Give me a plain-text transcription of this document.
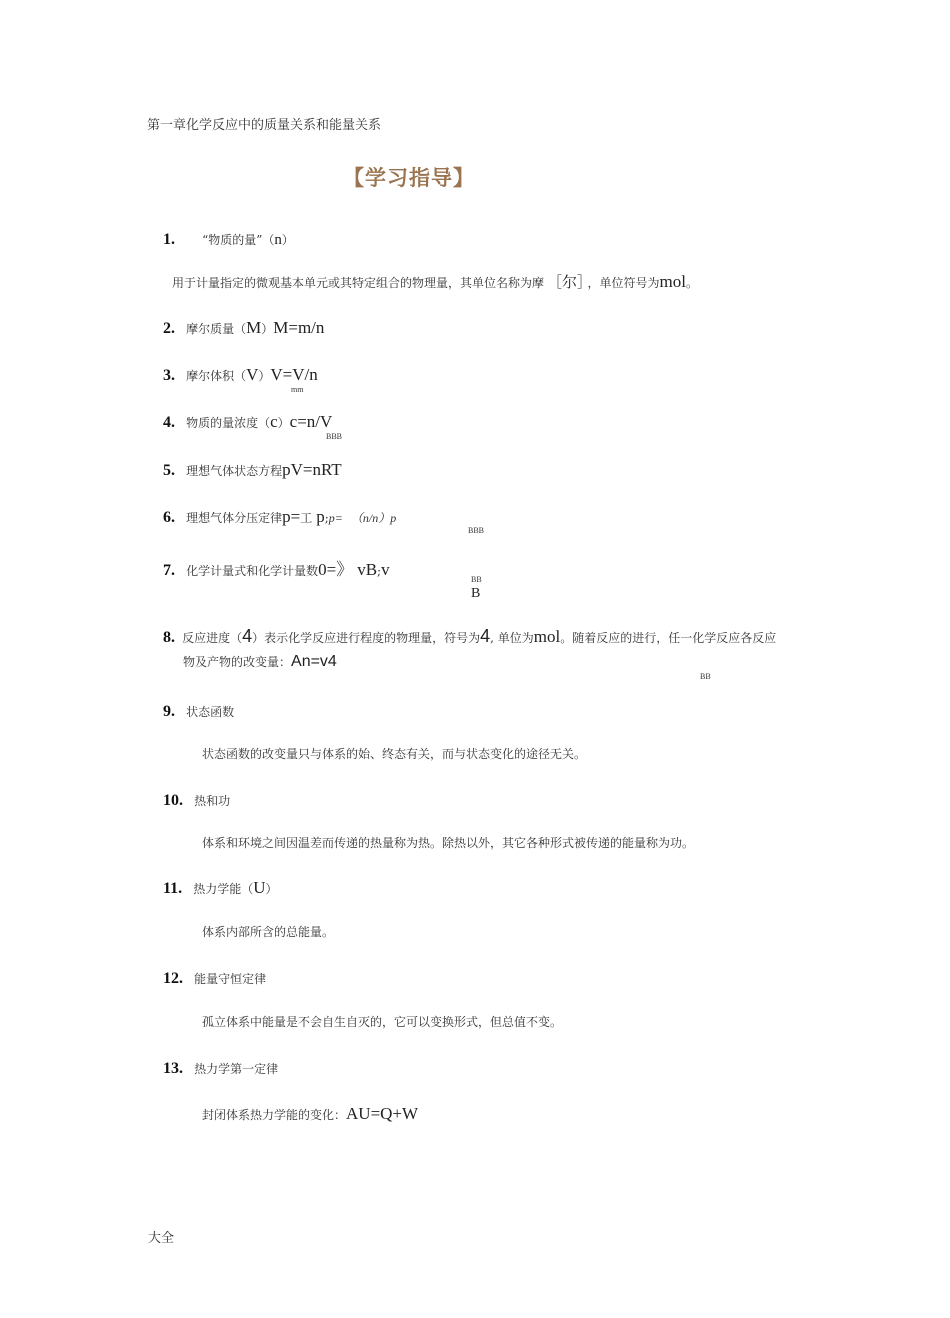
第一章化学反应中的质量关系和能量关系
【学习指导】
1. “物质的量”（n）
用于计量指定的微观基本单元或其特定组合的物理量，其单位名称为摩 ［尔］ ，单位符号为mol。
2. 摩尔质量（M）M=m/n
3. 摩尔体积（V）V=V/n
mm
4. 物质的量浓度（c）c=n/V
BBB
5. 理想气体状态方程pV=nRT
6. 理想气体分压定律p=工 p;p= （n/n）p
BBB
7. 化学计量式和化学计量数0=》 vB;v
BB
B
8. 反应进度（4）表示化学反应进行程度的物理量，符号为4, 单位为mol。随着反应的进行，任一化学反应各反应
物及产物的改变量：An=v4
BB
9. 状态函数
状态函数的改变量只与体系的始、终态有关，而与状态变化的途径无关。
10. 热和功
体系和环境之间因温差而传递的热量称为热。除热以外，其它各种形式被传递的能量称为功。
11. 热力学能（U）
体系内部所含的总能量。
12. 能量守恒定律
孤立体系中能量是不会自生自灭的，它可以变换形式，但总值不变。
13. 热力学第一定律
封闭体系热力学能的变化：AU=Q+W
大全
